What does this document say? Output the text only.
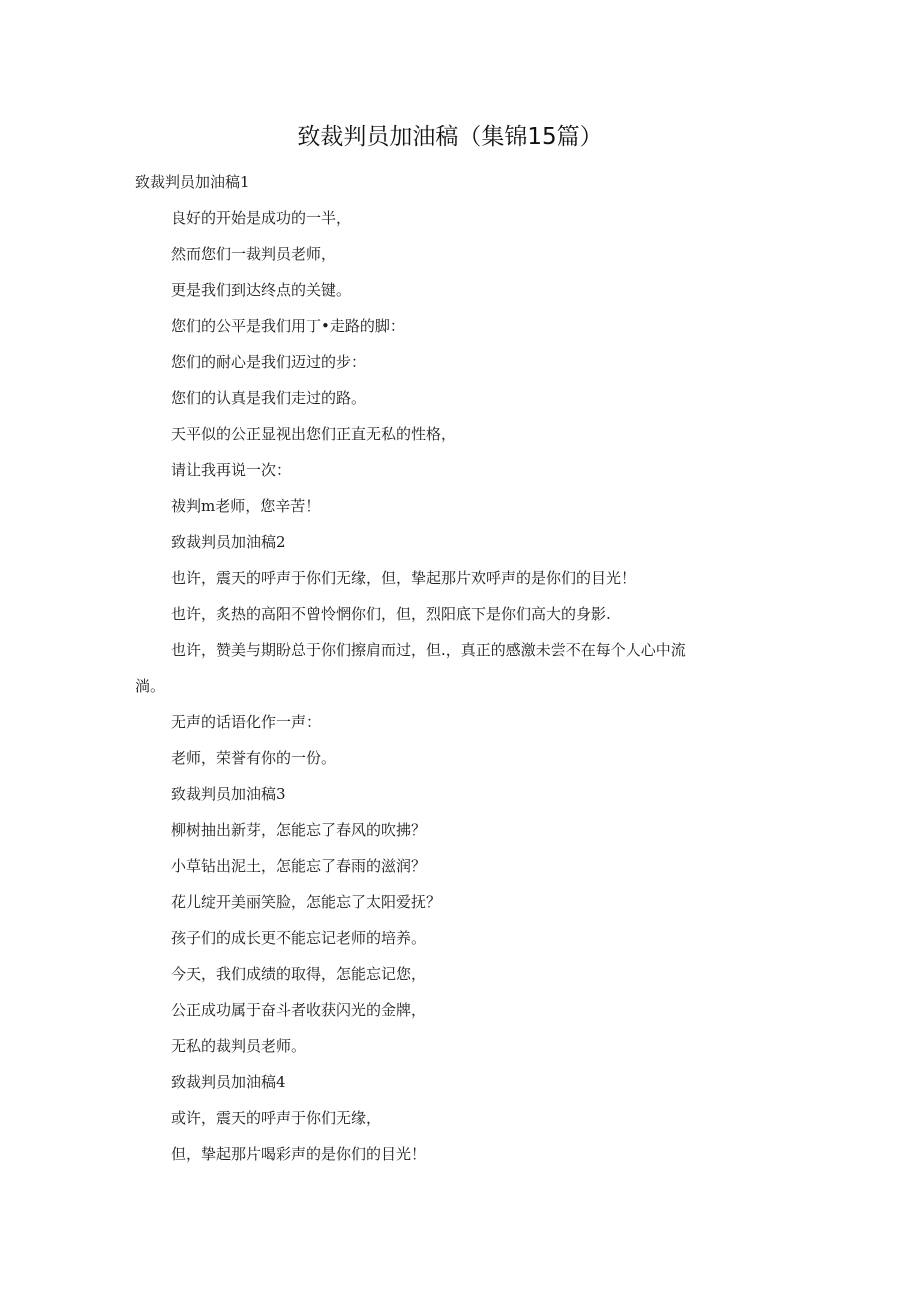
致裁判员加油稿（集锦15篇）

致裁判员加油稿1

良好的开始是成功的一半，

然而您们一裁判员老师，

更是我们到达终点的关键。

您们的公平是我们用丁•走路的脚：

您们的耐心是我们迈过的步：

您们的认真是我们走过的路。

天平似的公正显视出您们正直无私的性格，

请让我再说一次：

祓判m老师，您辛苦！

致裁判员加油稿2

也许，震天的呼声于你们无缘，但，挚起那片欢呼声的是你们的目光！

也许，炙热的高阳不曾怜惘你们，但，烈阳底下是你们高大的身影.

也许，赞美与期盼总于你们擦肩而过，但.，真正的感激未尝不在每个人心中流

淌。

无声的话语化作一声：

老师，荣誉有你的一份。

致裁判员加油稿3

柳树抽出新芽，怎能忘了春风的吹拂？

小草钻出泥土，怎能忘了春雨的滋润？

花儿绽开美丽笑脸，怎能忘了太阳爱抚？

孩子们的成长更不能忘记老师的培养。

今天，我们成绩的取得，怎能忘记您，

公正成功属于奋斗者收获闪光的金牌，

无私的裁判员老师。

致裁判员加油稿4

或许，震天的呼声于你们无缘，

但，挚起那片喝彩声的是你们的目光！
